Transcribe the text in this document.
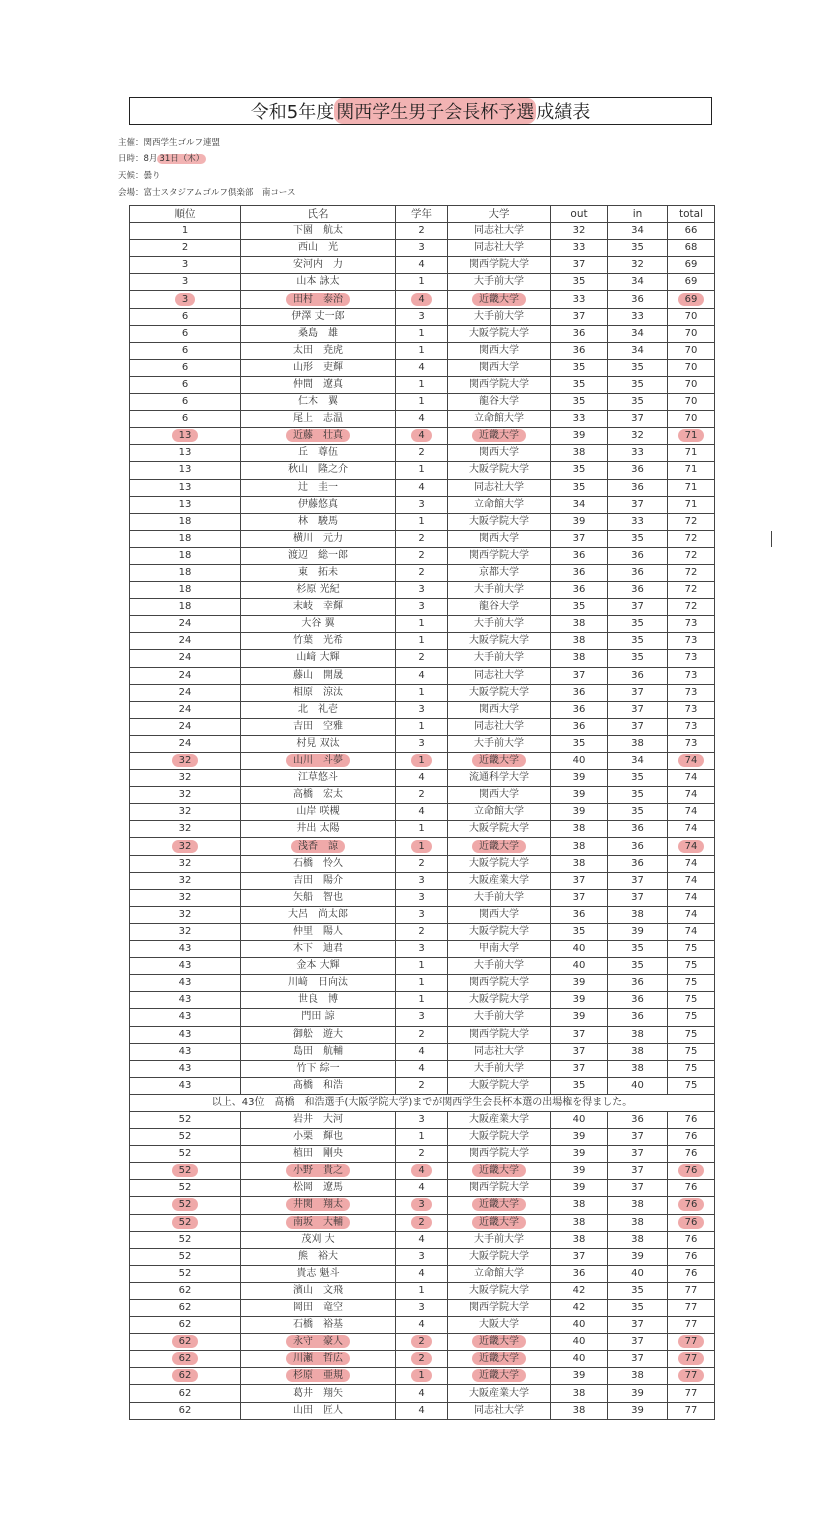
令和5年度 関西学生男子会長杯予選 成績表
主催：関西学生ゴルフ連盟
日時：8月 31日（木）
天候：曇り
会場：富士スタジアムゴルフ倶楽部　南コース
順位	氏名	学年	大学	out	in	total
1	下園　航太	2	同志社大学	32	34	66
2	西山　光	3	同志社大学	33	35	68
3	安河内　力	4	関西学院大学	37	32	69
3	山本 詠太	1	大手前大学	35	34	69
3	田村　泰治	4	近畿大学	33	36	69
6	伊澤 丈一郎	3	大手前大学	37	33	70
6	桑島　雄	1	大阪学院大学	36	34	70
6	太田　尭虎	1	関西大学	36	34	70
6	山形　吏輝	4	関西大学	35	35	70
6	仲間　遼真	1	関西学院大学	35	35	70
6	仁木　翼	1	龍谷大学	35	35	70
6	尾上　志温	4	立命館大学	33	37	70
13	近藤　壮真	4	近畿大学	39	32	71
13	丘　尊伍	2	関西大学	38	33	71
13	秋山　隆之介	1	大阪学院大学	35	36	71
13	辻　圭一	4	同志社大学	35	36	71
13	伊藤悠真	3	立命館大学	34	37	71
18	林　駿馬	1	大阪学院大学	39	33	72
18	横川　元力	2	関西大学	37	35	72
18	渡辺　総一郎	2	関西学院大学	36	36	72
18	東　拓未	2	京都大学	36	36	72
18	杉原 光紀	3	大手前大学	36	36	72
18	末岐　幸輝	3	龍谷大学	35	37	72
24	大谷 翼	1	大手前大学	38	35	73
24	竹葉　光希	1	大阪学院大学	38	35	73
24	山﨑 大輝	2	大手前大学	38	35	73
24	藤山　開晟	4	同志社大学	37	36	73
24	相原　涼汰	1	大阪学院大学	36	37	73
24	北　礼壱	3	関西大学	36	37	73
24	吉田　空雅	1	同志社大学	36	37	73
24	村見 双汰	3	大手前大学	35	38	73
32	山川　斗夢	1	近畿大学	40	34	74
32	江草悠斗	4	流通科学大学	39	35	74
32	高橋　宏太	2	関西大学	39	35	74
32	山岸 咲槻	4	立命館大学	39	35	74
32	井出 太陽	1	大阪学院大学	38	36	74
32	浅香　諒	1	近畿大学	38	36	74
32	石橋　怜久	2	大阪学院大学	38	36	74
32	吉田　陽介	3	大阪産業大学	37	37	74
32	矢船　智也	3	大手前大学	37	37	74
32	大呂　尚太郎	3	関西大学	36	38	74
32	仲里　陽人	2	大阪学院大学	35	39	74
43	木下　迪君	3	甲南大学	40	35	75
43	金本 大輝	1	大手前大学	40	35	75
43	川﨑　日向汰	1	関西学院大学	39	36	75
43	世良　博	1	大阪学院大学	39	36	75
43	門田 諒	3	大手前大学	39	36	75
43	御舩　遊大	2	関西学院大学	37	38	75
43	島田　航輔	4	同志社大学	37	38	75
43	竹下 綜一	4	大手前大学	37	38	75
43	髙橋　和浩	2	大阪学院大学	35	40	75
以上、43位　髙橋　和浩選手(大阪学院大学)までが関西学生会長杯本選の出場権を得ました。						
52	岩井　大河	3	大阪産業大学	40	36	76
52	小栗　輝也	1	大阪学院大学	39	37	76
52	植田　剛央	2	関西学院大学	39	37	76
52	小野　貴之	4	近畿大学	39	37	76
52	松岡　遼馬	4	関西学院大学	39	37	76
52	井関　翔太	3	近畿大学	38	38	76
52	南坂　大輔	2	近畿大学	38	38	76
52	茂刈 大	4	大手前大学	38	38	76
52	熊　裕大	3	大阪学院大学	37	39	76
52	貴志 魁斗	4	立命館大学	36	40	76
62	濱山　文飛	1	大阪学院大学	42	35	77
62	岡田　竜空	3	関西学院大学	42	35	77
62	石橋　裕基	4	大阪大学	40	37	77
62	永守　豪人	2	近畿大学	40	37	77
62	川瀬　哲広	2	近畿大学	40	37	77
62	杉原　亜規	1	近畿大学	39	38	77
62	葛井　翔矢	4	大阪産業大学	38	39	77
62	山田　匠人	4	同志社大学	38	39	77
